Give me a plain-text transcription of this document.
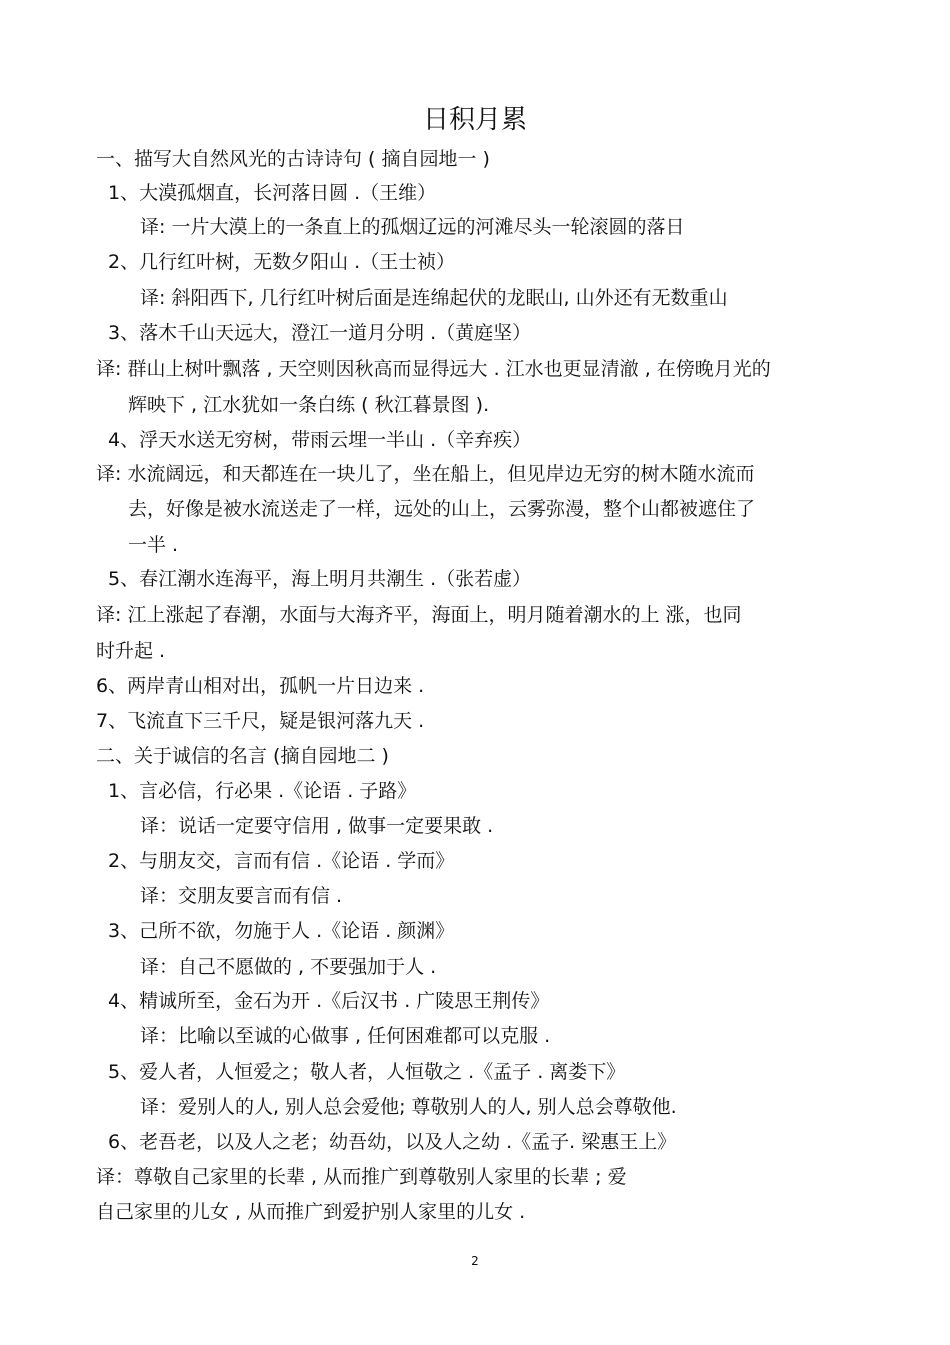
日积月累
一、描写大自然风光的古诗诗句 ( 摘自园地一 )
1、大漠孤烟直，长河落日圆 .（王维）
译: 一片大漠上的一条直上的孤烟辽远的河滩尽头一轮滚圆的落日
2、几行红叶树，无数夕阳山 .（王士祯）
译: 斜阳西下, 几行红叶树后面是连绵起伏的龙眠山, 山外还有无数重山
3、落木千山天远大，澄江一道月分明 .（黄庭坚）
译: 群山上树叶飘落 , 天空则因秋高而显得远大 . 江水也更显清澈 , 在傍晚月光的
辉映下 , 江水犹如一条白练 ( 秋江暮景图 ).
4、浮天水送无穷树，带雨云埋一半山 .（辛弃疾）
译: 水流阔远，和天都连在一块儿了，坐在船上，但见岸边无穷的树木随水流而
去，好像是被水流送走了一样，远处的山上，云雾弥漫，整个山都被遮住了
一半 .
5、春江潮水连海平，海上明月共潮生 .（张若虚）
译: 江上涨起了春潮，水面与大海齐平，海面上，明月随着潮水的上 涨，也同
时升起 .
6、两岸青山相对出，孤帆一片日边来 .
7、飞流直下三千尺，疑是银河落九天 .
二、关于诚信的名言 (摘自园地二 )
1、言必信，行必果 .《论语 . 子路》
译：说话一定要守信用 , 做事一定要果敢 .
2、与朋友交，言而有信 .《论语 . 学而》
译：交朋友要言而有信 .
3、己所不欲，勿施于人 .《论语 . 颜渊》
译：自己不愿做的 , 不要强加于人 .
4、精诚所至，金石为开 .《后汉书 . 广陵思王荆传》
译：比喻以至诚的心做事 , 任何困难都可以克服 .
5、爱人者，人恒爱之；敬人者，人恒敬之 .《孟子 . 离娄下》
译：爱别人的人, 别人总会爱他; 尊敬别人的人, 别人总会尊敬他.
6、老吾老，以及人之老；幼吾幼，以及人之幼 .《孟子. 梁惠王上》
译：尊敬自己家里的长辈 , 从而推广到尊敬别人家里的长辈 ; 爱
自己家里的儿女 , 从而推广到爱护别人家里的儿女 .
2
